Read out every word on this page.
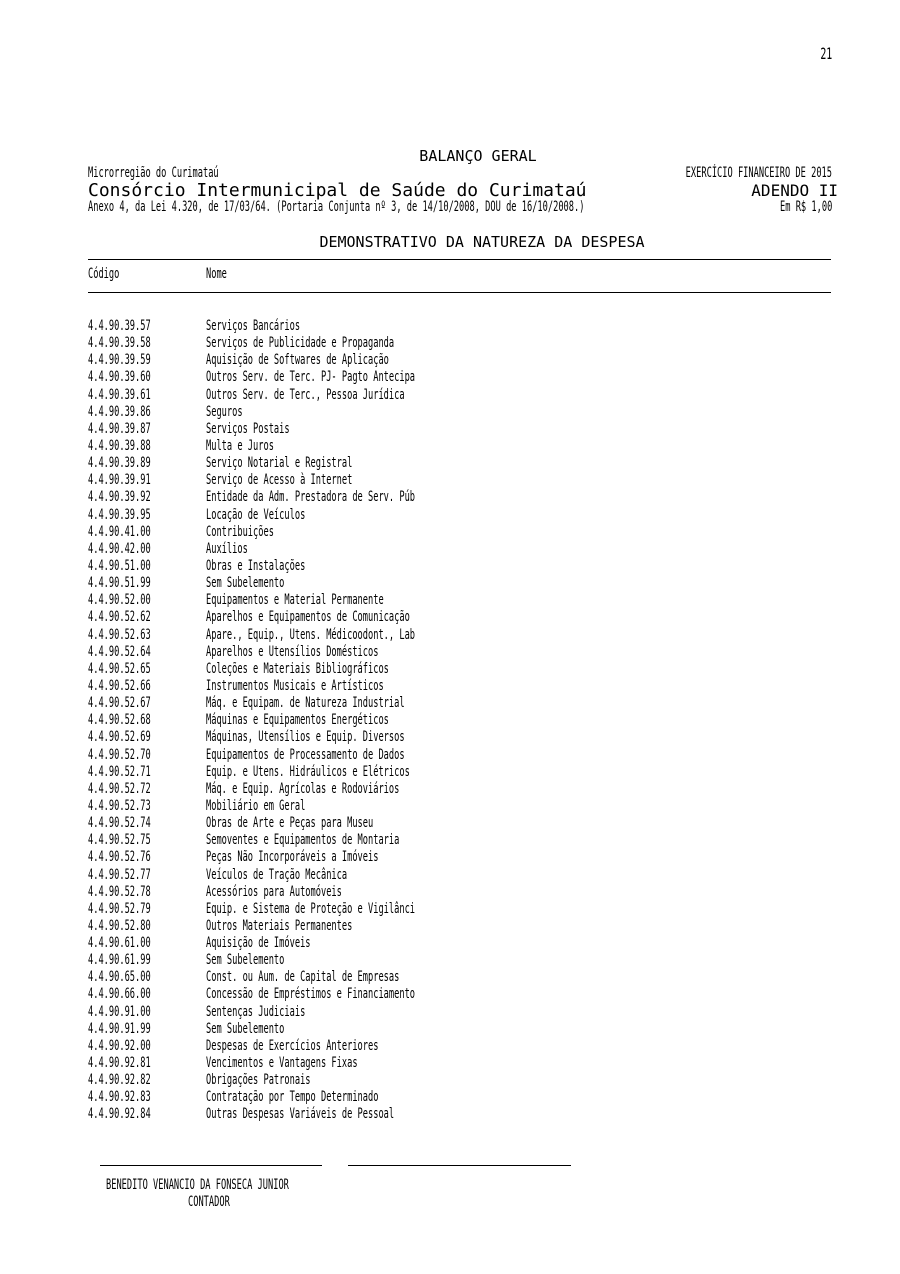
21
BALANÇO GERAL
Microrregião do Curimataú	EXERCÍCIO FINANCEIRO DE 2015
Consórcio Intermunicipal de Saúde do Curimataú	ADENDO II
Anexo 4, da Lei 4.320, de 17/03/64. (Portaria Conjunta nº 3, de 14/10/2008, DOU de 16/10/2008.)	Em R$ 1,00
DEMONSTRATIVO DA NATUREZA DA DESPESA
Código	Nome
4.4.90.39.57	Serviços Bancários
4.4.90.39.58	Serviços de Publicidade e Propaganda
4.4.90.39.59	Aquisição de Softwares de Aplicação
4.4.90.39.60	Outros Serv. de Terc. PJ- Pagto Antecipa
4.4.90.39.61	Outros Serv. de Terc., Pessoa Jurídica
4.4.90.39.86	Seguros
4.4.90.39.87	Serviços Postais
4.4.90.39.88	Multa e Juros
4.4.90.39.89	Serviço Notarial e Registral
4.4.90.39.91	Serviço de Acesso à Internet
4.4.90.39.92	Entidade da Adm. Prestadora de Serv. Púb
4.4.90.39.95	Locação de Veículos
4.4.90.41.00	Contribuições
4.4.90.42.00	Auxílios
4.4.90.51.00	Obras e Instalações
4.4.90.51.99	Sem Subelemento
4.4.90.52.00	Equipamentos e Material Permanente
4.4.90.52.62	Aparelhos e Equipamentos de Comunicação
4.4.90.52.63	Apare., Equip., Utens. Médicoodont., Lab
4.4.90.52.64	Aparelhos e Utensílios Domésticos
4.4.90.52.65	Coleções e Materiais Bibliográficos
4.4.90.52.66	Instrumentos Musicais e Artísticos
4.4.90.52.67	Máq. e Equipam. de Natureza Industrial
4.4.90.52.68	Máquinas e Equipamentos Energéticos
4.4.90.52.69	Máquinas, Utensílios e Equip. Diversos
4.4.90.52.70	Equipamentos de Processamento de Dados
4.4.90.52.71	Equip. e Utens. Hidráulicos e Elétricos
4.4.90.52.72	Máq. e Equip. Agrícolas e Rodoviários
4.4.90.52.73	Mobiliário em Geral
4.4.90.52.74	Obras de Arte e Peças para Museu
4.4.90.52.75	Semoventes e Equipamentos de Montaria
4.4.90.52.76	Peças Não Incorporáveis a Imóveis
4.4.90.52.77	Veículos de Tração Mecânica
4.4.90.52.78	Acessórios para Automóveis
4.4.90.52.79	Equip. e Sistema de Proteção e Vigilânci
4.4.90.52.80	Outros Materiais Permanentes
4.4.90.61.00	Aquisição de Imóveis
4.4.90.61.99	Sem Subelemento
4.4.90.65.00	Const. ou Aum. de Capital de Empresas
4.4.90.66.00	Concessão de Empréstimos e Financiamento
4.4.90.91.00	Sentenças Judiciais
4.4.90.91.99	Sem Subelemento
4.4.90.92.00	Despesas de Exercícios Anteriores
4.4.90.92.81	Vencimentos e Vantagens Fixas
4.4.90.92.82	Obrigações Patronais
4.4.90.92.83	Contratação por Tempo Determinado
4.4.90.92.84	Outras Despesas Variáveis de Pessoal
BENEDITO VENANCIO DA FONSECA JUNIOR
CONTADOR
